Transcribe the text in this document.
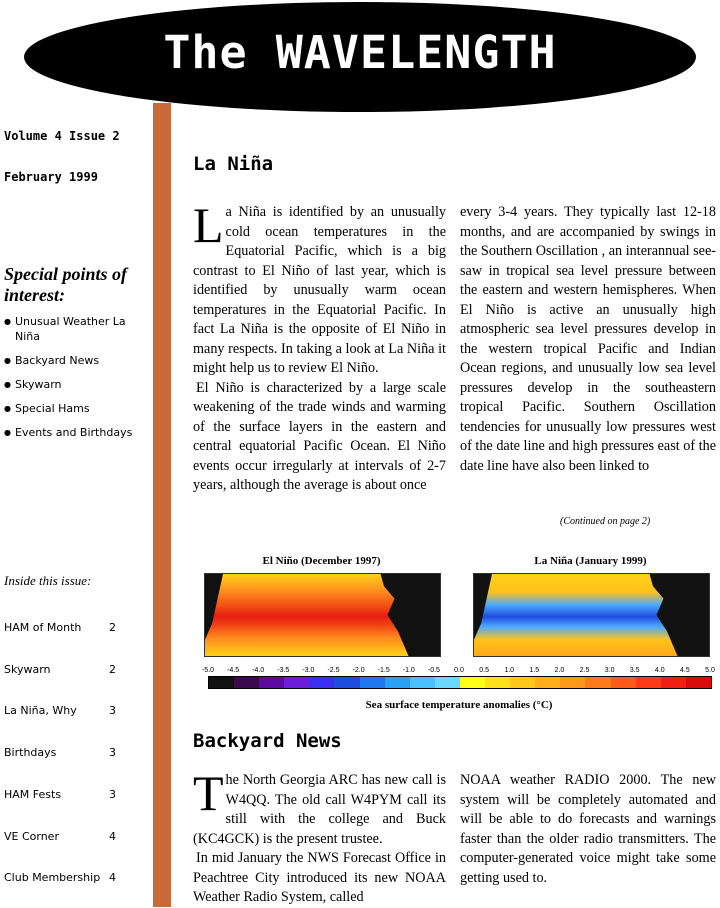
The WAVELENGTH
Volume 4 Issue 2
February 1999
Special points of interest:
● Unusual Weather La Niña
● Backyard News
● Skywarn
● Special Hams
● Events and Birthdays
Inside this issue:
HAM of Month	2
Skywarn	2
La Niña, Why	3
Birthdays	3
HAM Fests	3
VE Corner	4
Club Membership 4
La Niña

La Niña is identified by an unusually cold ocean temperatures in the Equatorial Pacific, which is a big contrast to El Niño of last year, which is identified by unusually warm ocean temperatures in the Equatorial Pacific. In fact La Niña is the opposite of El Niño in many respects. In taking a look at La Niña it might help us to review El Niño.

El Niño is characterized by a large scale weakening of the trade winds and warming of the surface layers in the eastern and central equatorial Pacific Ocean. El Niño events occur irregularly at intervals of 2-7 years, although the average is about once

every 3-4 years. They typically last 12-18 months, and are accompanied by swings in the Southern Oscillation , an interannual see-saw in tropical sea level pressure between the eastern and western hemispheres. When El Niño is active an unusually high atmospheric sea level pressures develop in the western tropical Pacific and Indian Ocean regions, and unusually low sea level pressures develop in the southeastern tropical Pacific. Southern Oscillation tendencies for unusually low pressures west of the date line and high pressures east of the date line have also been linked to

(Continued on page 2)
El Niño (December 1997)	La Niña (January 1999)
-5.0 -4.5 -4.0 -3.5 -3.0 -2.5 -2.0 -1.5 -1.0 -0.5 0.0 0.5 1.0 1.5 2.0 2.5 3.0 3.5 4.0 4.5 5.0
Sea surface temperature anomalies (°C)
Backyard News

The North Georgia ARC has new call is W4QQ. The old call W4PYM call its still with the college and Buck (KC4GCK) is the present trustee.

In mid January the NWS Forecast Office in Peachtree City introduced its new NOAA Weather Radio System, called

NOAA weather RADIO 2000. The new system will be completely automated and will be able to do forecasts and warnings faster than the older radio transmitters. The computer-generated voice might take some getting used to.
